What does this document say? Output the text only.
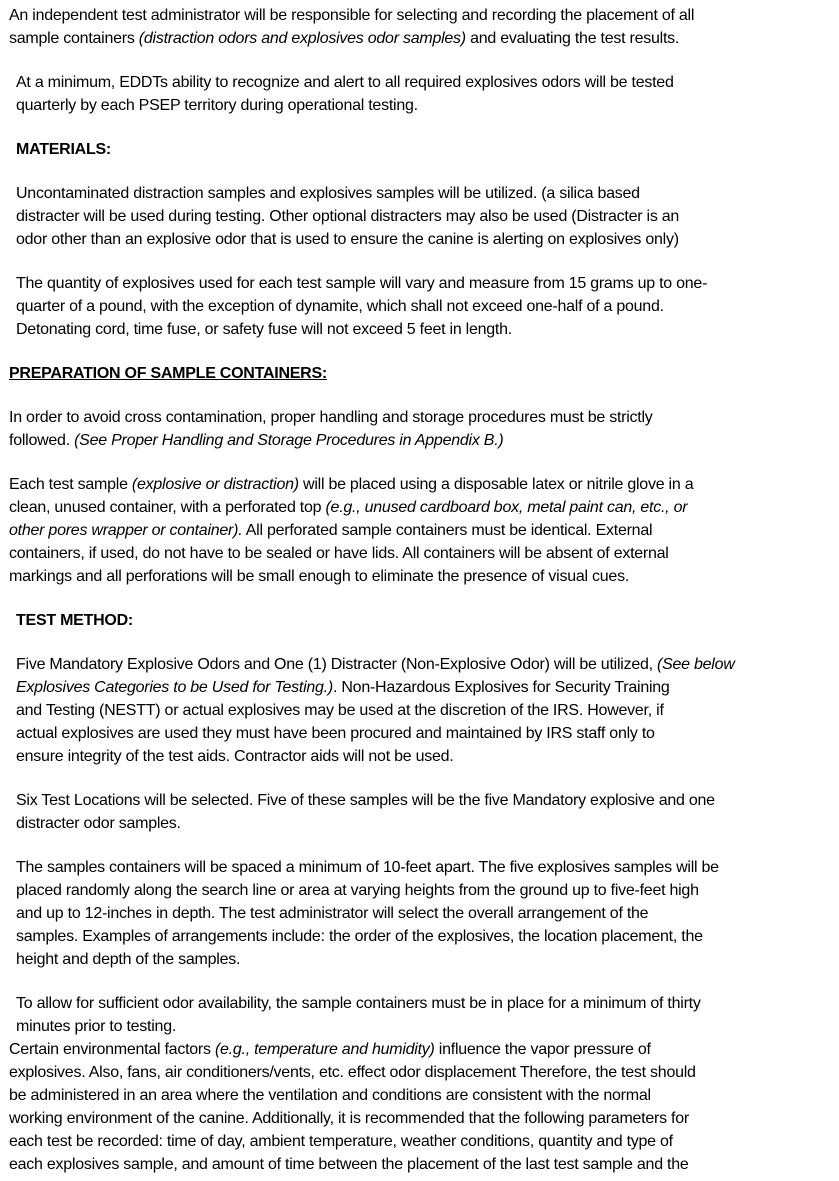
An independent test administrator will be responsible for selecting and recording the placement of all
sample containers (distraction odors and explosives odor samples) and evaluating the test results.
At a minimum, EDDTs ability to recognize and alert to all required explosives odors will be tested
quarterly by each PSEP territory during operational testing.
MATERIALS:
Uncontaminated distraction samples and explosives samples will be utilized. (a silica based
distracter will be used during testing. Other optional distracters may also be used (Distracter is an
odor other than an explosive odor that is used to ensure the canine is alerting on explosives only)
The quantity of explosives used for each test sample will vary and measure from 15 grams up to one-
quarter of a pound, with the exception of dynamite, which shall not exceed one-half of a pound.
Detonating cord, time fuse, or safety fuse will not exceed 5 feet in length.
PREPARATION OF SAMPLE CONTAINERS:
In order to avoid cross contamination, proper handling and storage procedures must be strictly
followed. (See Proper Handling and Storage Procedures in Appendix B.)
Each test sample (explosive or distraction) will be placed using a disposable latex or nitrile glove in a
clean, unused container, with a perforated top (e.g., unused cardboard box, metal paint can, etc., or
other pores wrapper or container). All perforated sample containers must be identical. External
containers, if used, do not have to be sealed or have lids. All containers will be absent of external
markings and all perforations will be small enough to eliminate the presence of visual cues.
TEST METHOD:
Five Mandatory Explosive Odors and One (1) Distracter (Non-Explosive Odor) will be utilized, (See below
Explosives Categories to be Used for Testing.). Non-Hazardous Explosives for Security Training
and Testing (NESTT) or actual explosives may be used at the discretion of the IRS. However, if
actual explosives are used they must have been procured and maintained by IRS staff only to
ensure integrity of the test aids. Contractor aids will not be used.
Six Test Locations will be selected. Five of these samples will be the five Mandatory explosive and one
distracter odor samples.
The samples containers will be spaced a minimum of 10-feet apart. The five explosives samples will be
placed randomly along the search line or area at varying heights from the ground up to five-feet high
and up to 12-inches in depth. The test administrator will select the overall arrangement of the
samples. Examples of arrangements include: the order of the explosives, the location placement, the
height and depth of the samples.
To allow for sufficient odor availability, the sample containers must be in place for a minimum of thirty
minutes prior to testing.
Certain environmental factors (e.g., temperature and humidity) influence the vapor pressure of
explosives. Also, fans, air conditioners/vents, etc. effect odor displacement Therefore, the test should
be administered in an area where the ventilation and conditions are consistent with the normal
working environment of the canine. Additionally, it is recommended that the following parameters for
each test be recorded: time of day, ambient temperature, weather conditions, quantity and type of
each explosives sample, and amount of time between the placement of the last test sample and the
